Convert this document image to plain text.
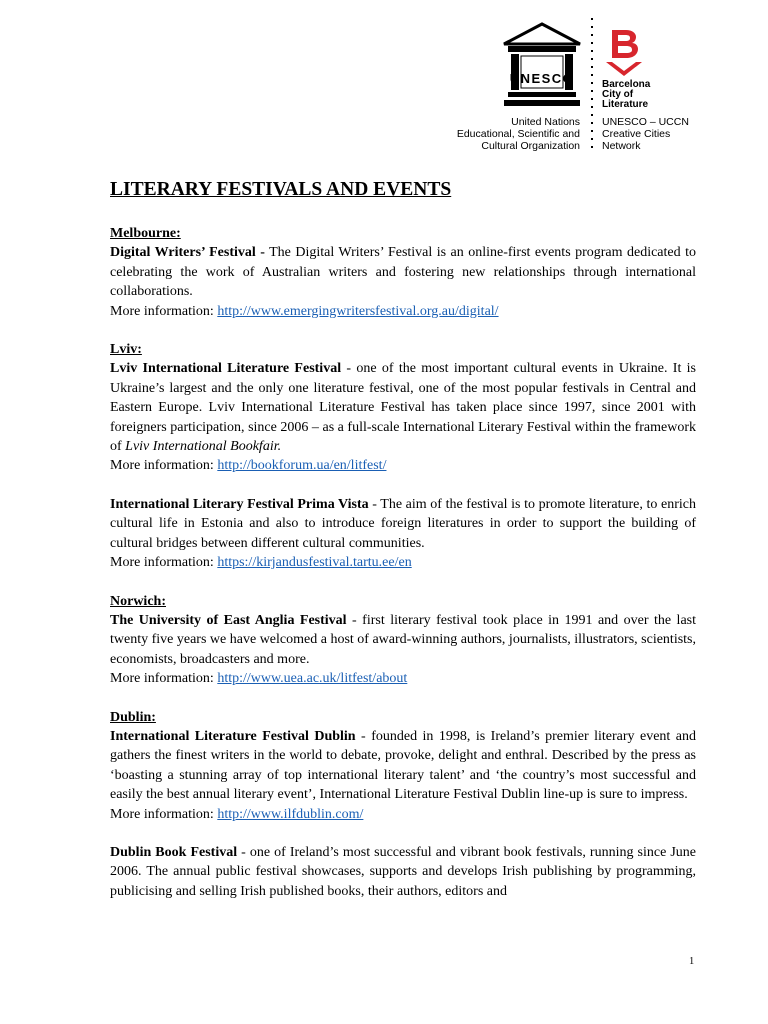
UNESCO
United Nations
Educational, Scientific and
Cultural Organization
Barcelona
City of
Literature
UNESCO – UCCN
Creative Cities
Network
LITERARY FESTIVALS AND EVENTS
Melbourne:

Digital Writers’ Festival - The Digital Writers’ Festival is an online-first events program dedicated to celebrating the work of Australian writers and fostering new relationships through international collaborations.

More information: http://www.emergingwritersfestival.org.au/digital/

Lviv:

Lviv International Literature Festival - one of the most important cultural events in Ukraine. It is Ukraine’s largest and the only one literature festival, one of the most popular festivals in Central and Eastern Europe. Lviv International Literature Festival has taken place since 1997, since 2001 with foreigners participation, since 2006 – as a full-scale International Literary Festival within the framework of Lviv International Bookfair.

More information: http://bookforum.ua/en/litfest/

International Literary Festival Prima Vista - The aim of the festival is to promote literature, to enrich cultural life in Estonia and also to introduce foreign literatures in order to support the building of cultural bridges between different cultural communities.

More information: https://kirjandusfestival.tartu.ee/en

Norwich:

The University of East Anglia Festival - first literary festival took place in 1991 and over the last twenty five years we have welcomed a host of award-winning authors, journalists, illustrators, scientists, economists, broadcasters and more.

More information: http://www.uea.ac.uk/litfest/about

Dublin:

International Literature Festival Dublin - founded in 1998, is Ireland’s premier literary event and gathers the finest writers in the world to debate, provoke, delight and enthral. Described by the press as ‘boasting a stunning array of top international literary talent’ and ‘the country’s most successful and easily the best annual literary event’, International Literature Festival Dublin line-up is sure to impress.

More information: http://www.ilfdublin.com/

Dublin Book Festival - one of Ireland’s most successful and vibrant book festivals, running since June 2006. The annual public festival showcases, supports and develops Irish publishing by programming, publicising and selling Irish published books, their authors, editors and

1
